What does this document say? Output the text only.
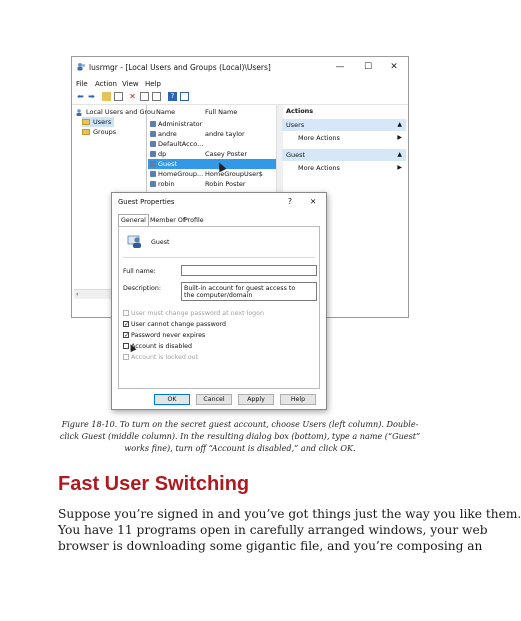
lusrmgr - [Local Users and Groups (Local)\Users]	— ☐ ✕
File Action View Help
⬅ ➡	✕	?
Local Users and Grou
Users
Groups
‹
Name	Full Name
Administrator
andre	andre taylor
DefaultAcco...
dp	Casey Poster
Guest
HomeGroup... HomeGroupUser$
robin	Robin Poster
Actions
Users	▲
More Actions	▶
Guest	▲
More Actions	▶
Guest Properties	? ✕
General Member Of
Profile
Guest
Full name:
Description:	Built-in account for guest access to the computer/domain
User must change password at next logon
✓ User cannot change password
✓ Password never expires
Account is disabled
Account is locked out
OK	Cancel	Apply	Help
Figure 18-10. To turn on the secret guest account, choose Users (left column). Double-click Guest (middle column). In the resulting dialog box (bottom), type a name (“Guest” works fine), turn off “Account is disabled,” and click OK.
Fast User Switching
Suppose you’re signed in and you’ve got things just the way you like them.
You have 11 programs open in carefully arranged windows, your web
browser is downloading some gigantic file, and you’re composing an
